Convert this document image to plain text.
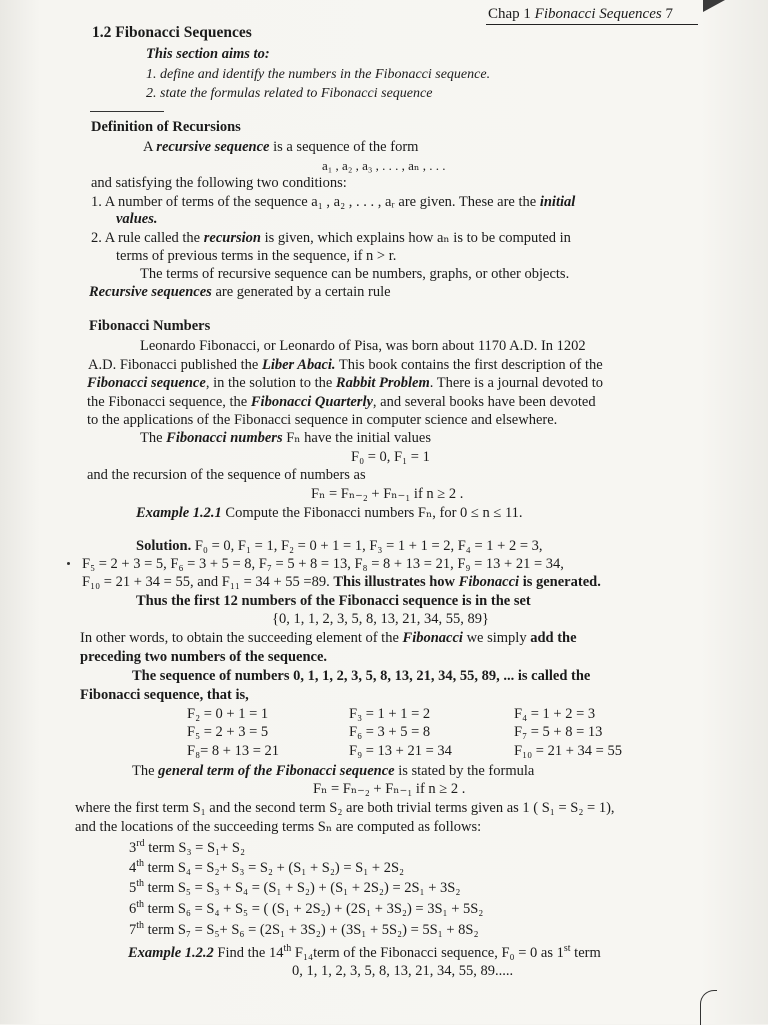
Chap 1 Fibonacci Sequences 7
1.2 Fibonacci Sequences
This section aims to:
1. define and identify the numbers in the Fibonacci sequence.
2. state the formulas related to Fibonacci sequence
Definition of Recursions
A recursive sequence is a sequence of the form
a₁ , a₂ , a₃ , . . . , aₙ , . . .
and satisfying the following two conditions:
1. A number of terms of the sequence a₁ , a₂ , . . . , aᵣ are given. These are the initial
values.
2. A rule called the recursion is given, which explains how aₙ is to be computed in
terms of previous terms in the sequence, if n > r.
The terms of recursive sequence can be numbers, graphs, or other objects.
Recursive sequences are generated by a certain rule
Fibonacci Numbers
Leonardo Fibonacci, or Leonardo of Pisa, was born about 1170 A.D. In 1202
A.D. Fibonacci published the Liber Abaci. This book contains the first description of the
Fibonacci sequence, in the solution to the Rabbit Problem. There is a journal devoted to
the Fibonacci sequence, the Fibonacci Quarterly, and several books have been devoted
to the applications of the Fibonacci sequence in computer science and elsewhere.
The Fibonacci numbers Fₙ have the initial values
F₀ = 0, F₁ = 1
and the recursion of the sequence of numbers as
Fₙ = Fₙ₋₂ + Fₙ₋₁ if n ≥ 2 .
Example 1.2.1 Compute the Fibonacci numbers Fₙ, for 0 ≤ n ≤ 11.
Solution. F₀ = 0, F₁ = 1, F₂ = 0 + 1 = 1, F₃ = 1 + 1 = 2, F₄ = 1 + 2 = 3,
F₅ = 2 + 3 = 5, F₆ = 3 + 5 = 8, F₇ = 5 + 8 = 13, F₈ = 8 + 13 = 21, F₉ = 13 + 21 = 34,
F₁₀ = 21 + 34 = 55, and F₁₁ = 34 + 55 =89. This illustrates how Fibonacci is generated.
Thus the first 12 numbers of the Fibonacci sequence is in the set
{0, 1, 1, 2, 3, 5, 8, 13, 21, 34, 55, 89}
In other words, to obtain the succeeding element of the Fibonacci we simply add the
preceding two numbers of the sequence.
The sequence of numbers 0, 1, 1, 2, 3, 5, 8, 13, 21, 34, 55, 89, ... is called the
Fibonacci sequence, that is,
F₂ = 0 + 1 = 1	F₃ = 1 + 1 = 2	F₄ = 1 + 2 = 3
F₅ = 2 + 3 = 5	F₆ = 3 + 5 = 8	F₇ = 5 + 8 = 13
F₈= 8 + 13 = 21	F₉ = 13 + 21 = 34	F₁₀ = 21 + 34 = 55
The general term of the Fibonacci sequence is stated by the formula
Fₙ = Fₙ₋₂ + Fₙ₋₁ if n ≥ 2 .
where the first term S₁ and the second term S₂ are both trivial terms given as 1 ( S₁ = S₂ = 1),
and the locations of the succeeding terms Sₙ are computed as follows:
3rd term S₃ = S₁+ S₂
4th term S₄ = S₂+ S₃ = S₂ + (S₁ + S₂) = S₁ + 2S₂
5th term S₅ = S₃ + S₄ = (S₁ + S₂) + (S₁ + 2S₂) = 2S₁ + 3S₂
6th term S₆ = S₄ + S₅ = ( (S₁ + 2S₂) + (2S₁ + 3S₂) = 3S₁ + 5S₂
7th term S₇ = S₅+ S₆ = (2S₁ + 3S₂) + (3S₁ + 5S₂) = 5S₁ + 8S₂
Example 1.2.2 Find the 14th F₁₄term of the Fibonacci sequence, F₀ = 0 as 1st term
0, 1, 1, 2, 3, 5, 8, 13, 21, 34, 55, 89.....
